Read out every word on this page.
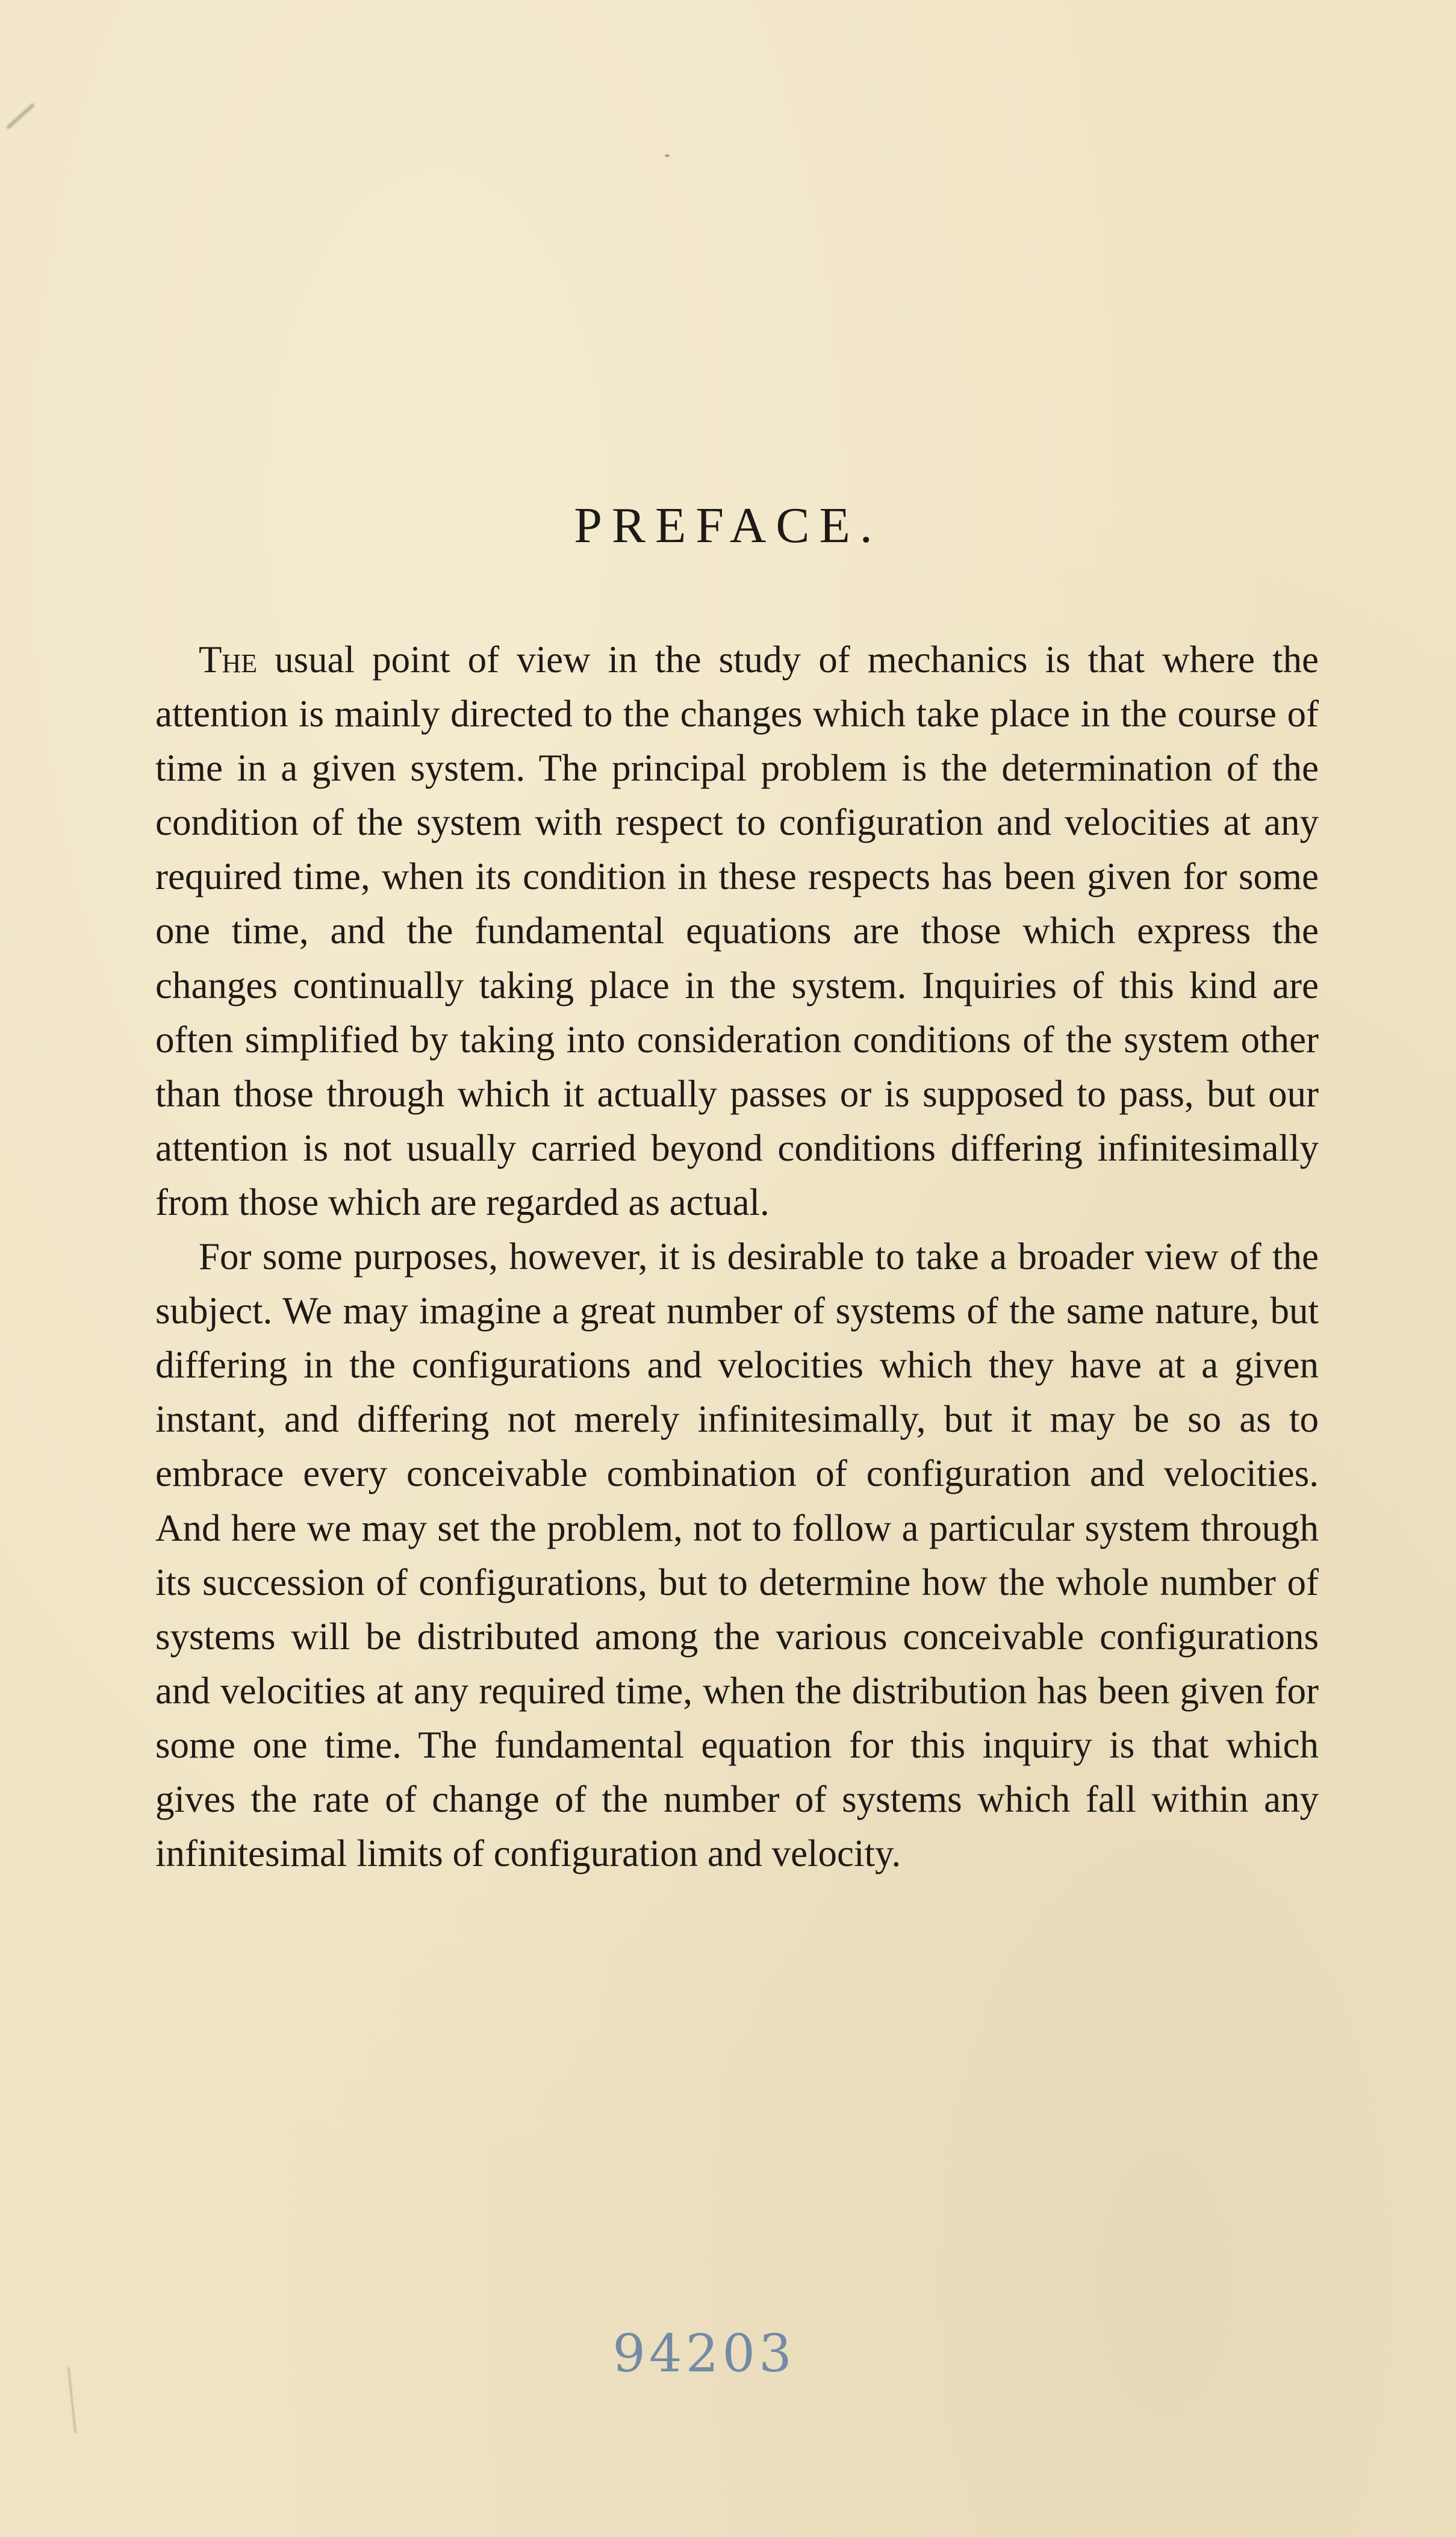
PREFACE.

The usual point of view in the study of mechanics is that where the attention is mainly directed to the changes which take place in the course of time in a given system. The principal problem is the determination of the condition of the system with respect to configuration and velocities at any required time, when its condition in these respects has been given for some one time, and the fundamental equations are those which express the changes continually taking place in the system. Inquiries of this kind are often simplified by taking into consideration conditions of the system other than those through which it actually passes or is supposed to pass, but our attention is not usually carried beyond conditions differing infinitesimally from those which are regarded as actual.

For some purposes, however, it is desirable to take a broader view of the subject. We may imagine a great number of systems of the same nature, but differing in the configurations and velocities which they have at a given instant, and differing not merely infinitesimally, but it may be so as to embrace every conceivable combination of configuration and velocities. And here we may set the problem, not to follow a particular system through its succession of configurations, but to determine how the whole number of systems will be distributed among the various conceivable configurations and velocities at any required time, when the distribution has been given for some one time. The fundamental equation for this inquiry is that which gives the rate of change of the number of systems which fall within any infinitesimal limits of configuration and velocity.

94203
